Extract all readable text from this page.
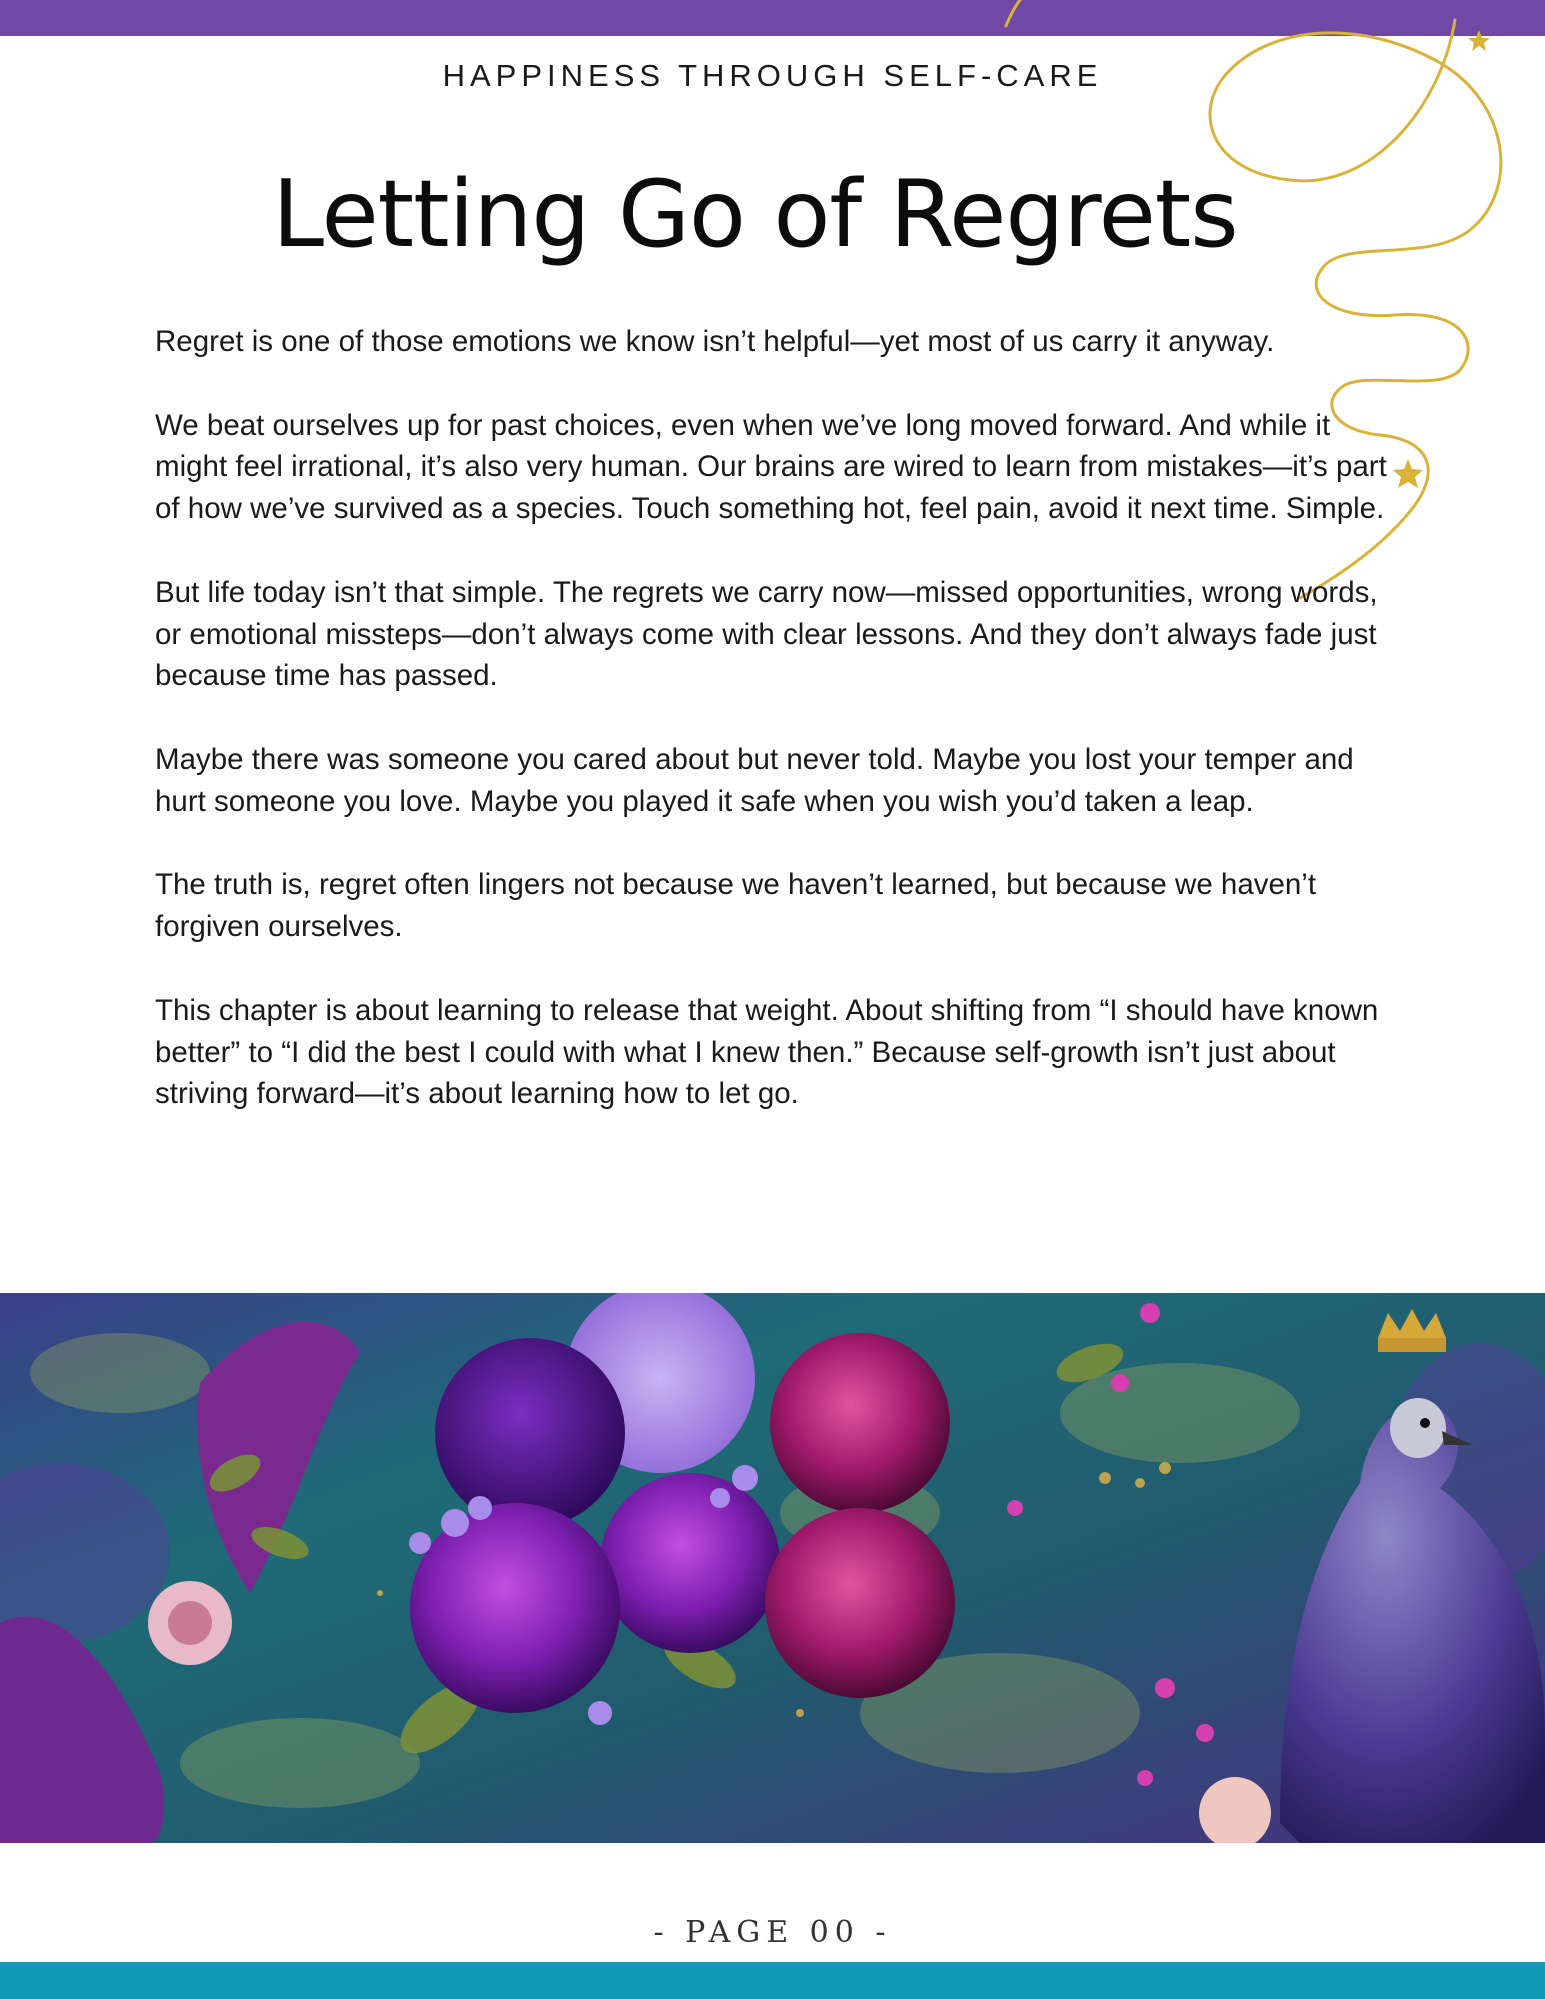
HAPPINESS THROUGH SELF-CARE
Letting Go of Regrets

Regret is one of those emotions we know isn’t helpful—yet most of us carry it anyway.

We beat ourselves up for past choices, even when we’ve long moved forward. And while it might feel irrational, it’s also very human. Our brains are wired to learn from mistakes—it’s part of how we’ve survived as a species. Touch something hot, feel pain, avoid it next time. Simple.

But life today isn’t that simple. The regrets we carry now—missed opportunities, wrong words, or emotional missteps—don’t always come with clear lessons. And they don’t always fade just because time has passed.

Maybe there was someone you cared about but never told. Maybe you lost your temper and hurt someone you love. Maybe you played it safe when you wish you’d taken a leap.

The truth is, regret often lingers not because we haven’t learned, but because we haven’t forgiven ourselves.

This chapter is about learning to release that weight. About shifting from “I should have known better” to “I did the best I could with what I knew then.” Because self-growth isn’t just about striving forward—it’s about learning how to let go.

- PAGE 00 -
